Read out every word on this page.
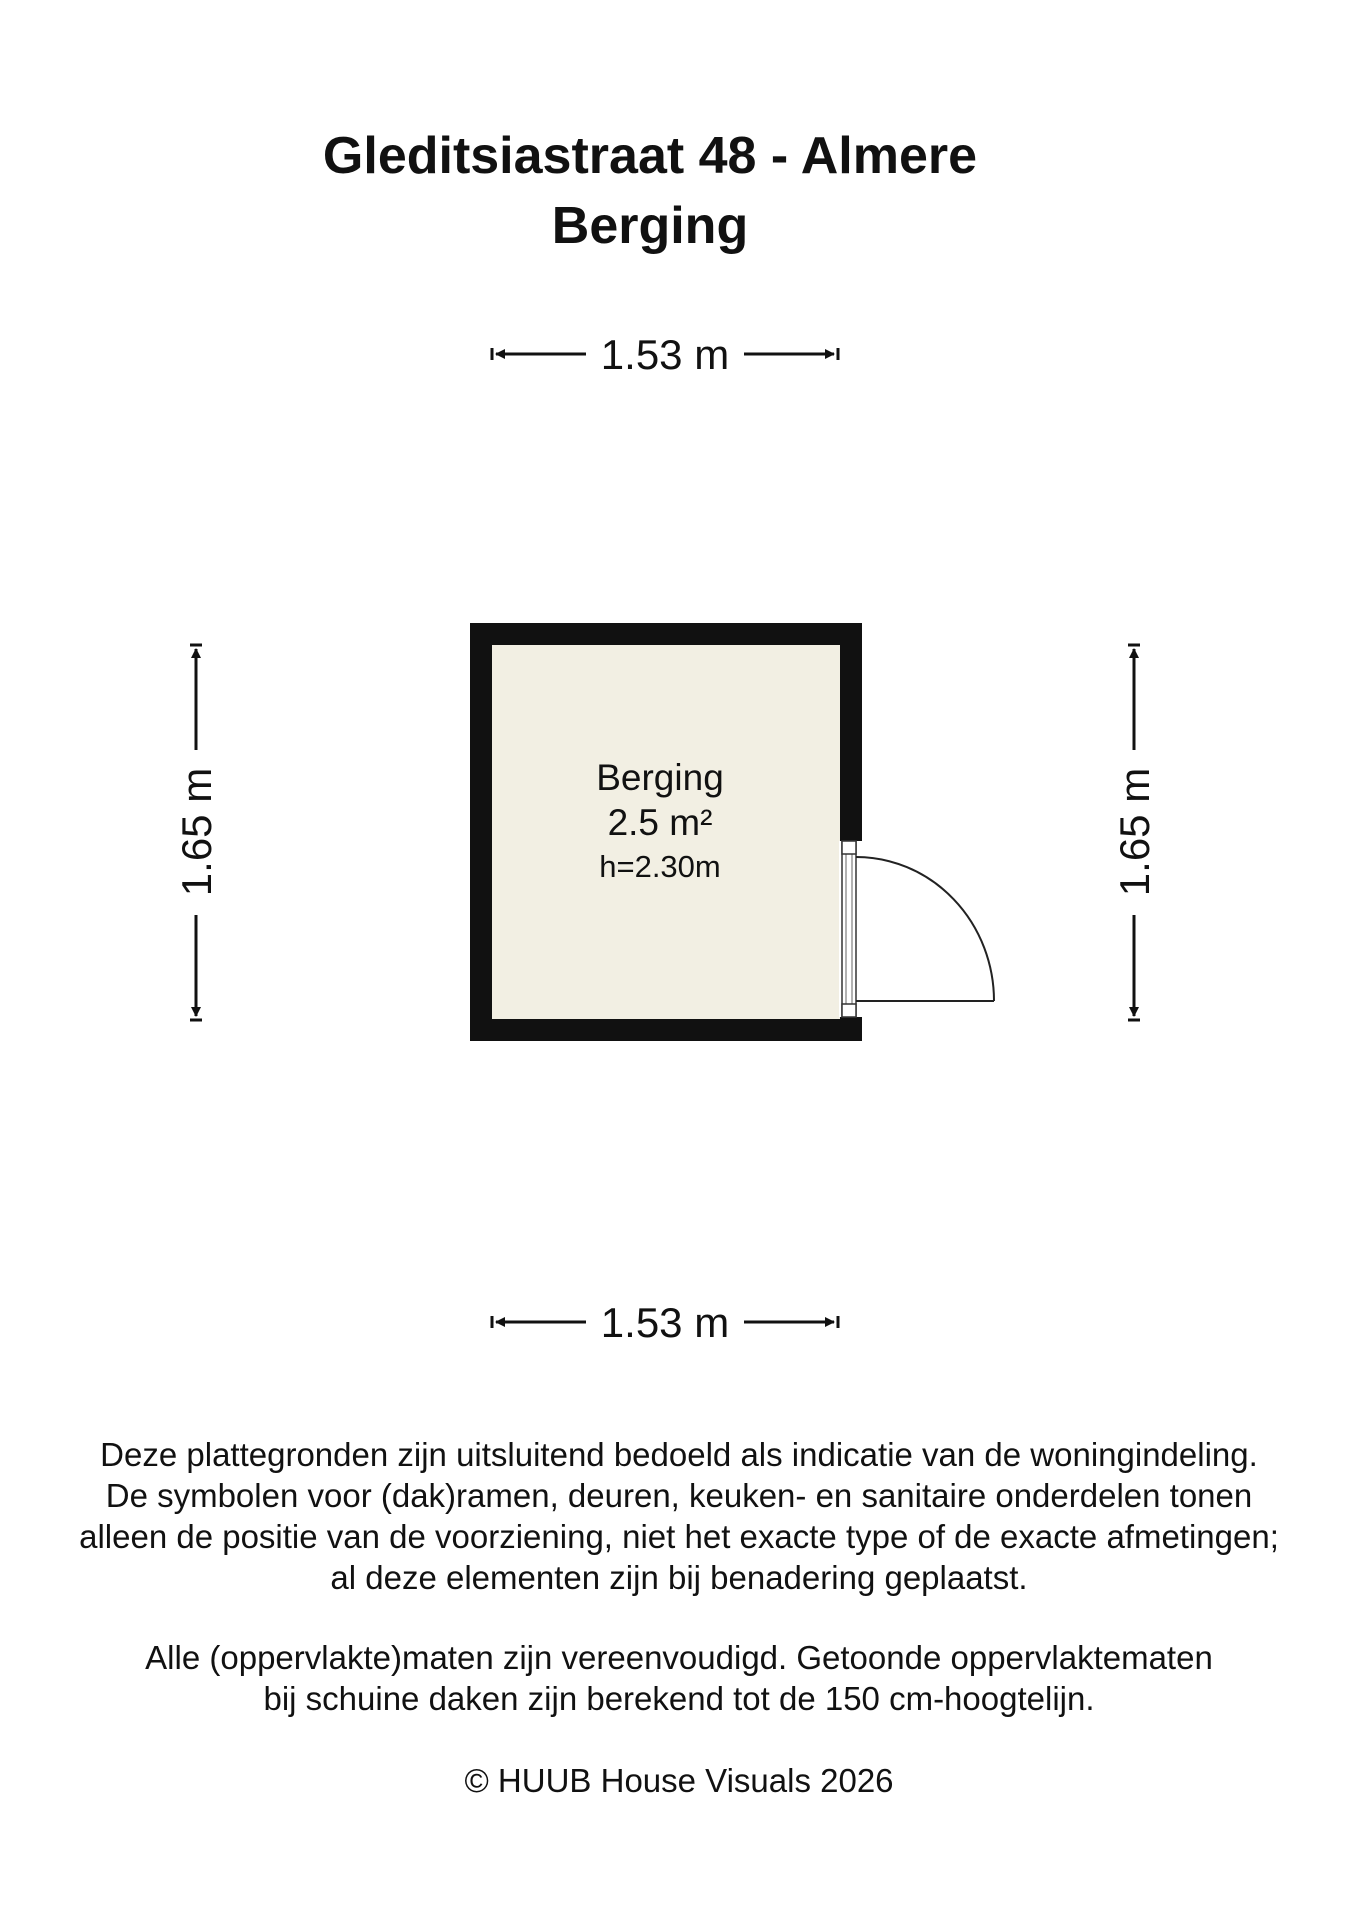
Gleditsiastraat 48 - Almere
Berging
1.53 m
1.53 m
1.65 m	1.65 m
Berging
2.5 m²
h=2.30m
Deze plattegronden zijn uitsluitend bedoeld als indicatie van de woningindeling.
De symbolen voor (dak)ramen, deuren, keuken- en sanitaire onderdelen tonen
alleen de positie van de voorziening, niet het exacte type of de exacte afmetingen;
al deze elementen zijn bij benadering geplaatst.
Alle (oppervlakte)maten zijn vereenvoudigd. Getoonde oppervlaktematen
bij schuine daken zijn berekend tot de 150 cm-hoogtelijn.
© HUUB House Visuals 2026
